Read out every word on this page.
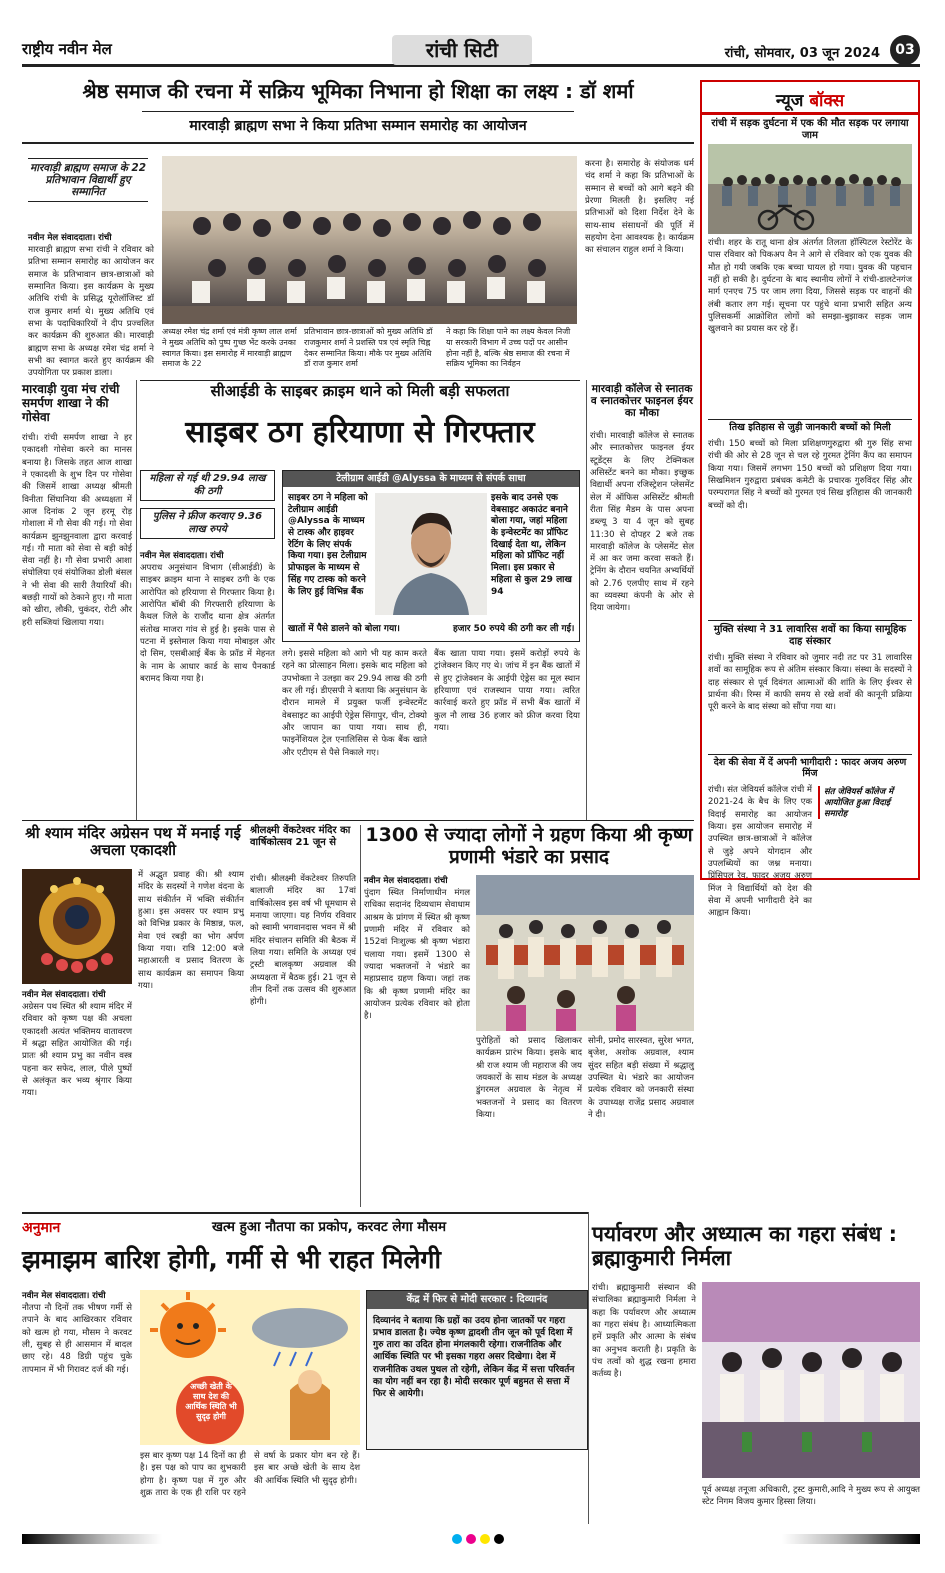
राष्ट्रीय नवीन मेल	रांची सिटी	रांची, सोमवार, 03 जून 2024	03
श्रेष्ठ समाज की रचना में सक्रिय भूमिका निभाना हो शिक्षा का लक्ष्य : डॉ शर्मा
मारवाड़ी ब्राह्मण सभा ने किया प्रतिभा सम्मान समारोह का आयोजन
मारवाड़ी ब्राह्मण समाज के 22 प्रतिभावान विद्यार्थी हुए सम्मानित
नवीन मेल संवाददाता। रांची
मारवाड़ी ब्राह्मण सभा रांची ने रविवार को प्रतिभा सम्मान समारोह का आयोजन कर समाज के प्रतिभावान छात्र-छात्राओं को सम्मानित किया। इस कार्यक्रम के मुख्य अतिथि रांची के प्रसिद्ध यूरोलॉजिस्ट डॉ राज कुमार शर्मा थे। मुख्य अतिथि एवं सभा के पदाधिकारियों ने दीप प्रज्वलित कर कार्यक्रम की शुरुआत की। मारवाड़ी ब्राह्मण सभा के अध्यक्ष रमेश चंद्र शर्मा ने सभी का स्वागत करते हुए कार्यक्रम की उपयोगिता पर प्रकाश डाला।
अध्यक्ष रमेश चंद्र शर्मा एवं मंत्री कृष्ण लाल शर्मा ने मुख्य अतिथि को पुष्प गुच्छ भेंट करके उनका स्वागत किया। इस समारोह में मारवाड़ी ब्राह्मण समाज के 22
प्रतिभावान छात्र-छात्राओं को मुख्य अतिथि डॉ राजकुमार शर्मा ने प्रशस्ति पत्र एवं स्मृति चिह्न देकर सम्मानित किया। मौके पर मुख्य अतिथि डॉ राज कुमार शर्मा
ने कहा कि शिक्षा पाने का लक्ष्य केवल निजी या सरकारी विभाग में उच्च पदों पर आसीन होना नहीं है, बल्कि श्रेष्ठ समाज की रचना में सक्रिय भूमिका का निर्वहन
करना है। समारोह के संयोजक धर्म चंद शर्मा ने कहा कि प्रतिभाओं के सम्मान से बच्चों को आगे बढ़ने की प्रेरणा मिलती है। इसलिए नई प्रतिभाओं को दिशा निर्देश देने के साथ-साथ संसाधनों की पूर्ति में सहयोग देना आवश्यक है। कार्यक्रम का संचालन राहुल शर्मा ने किया।
मारवाड़ी युवा मंच रांची समर्पण शाखा ने की गोसेवा
रांची। रांची समर्पण शाखा ने हर एकादशी गोसेवा करने का मानस बनाया है। जिसके तहत आज शाखा ने एकादशी के शुभ दिन पर गोसेवा की जिसमें शाखा अध्यक्ष श्रीमती विनीता सिंघानिया की अध्यक्षता में आज दिनांक 2 जून हरमू रोड़ गोशाला में गौ सेवा की गई। गो सेवा कार्यक्रम झुनझुनवाला द्वारा करवाई गई। गौ माता को सेवा से बड़ी कोई सेवा नहीं है। गौ सेवा प्रभारी आशा संघोलिया एवं संयोजिका डोली बंसल ने भी सेवा की सारी तैयारियाँ की। बछड़ी गायों को ठेकाने हुए। गौ माता को खीरा, लौकी, चुकंदर, रोटी और हरी सब्जियां खिलाया गया।
सीआईडी के साइबर क्राइम थाने को मिली बड़ी सफलता
साइबर ठग हरियाणा से गिरफ्तार
महिला से गई थी 29.94 लाख की ठगी
पुलिस ने फ्रीज करवाए 9.36 लाख रुपये
नवीन मेल संवाददाता। रांची
अपराध अनुसंधान विभाग (सीआईडी) के साइबर क्राइम थाना ने साइबर ठगी के एक आरोपित को हरियाणा से गिरफ्तार किया है। आरोपित बॉबी की गिरफ्तारी हरियाणा के कैथल जिले के राजौंद थाना क्षेत्र अंतर्गत संतोख माजरा गांव से हुई है। इसके पास से पटना में इस्तेमाल किया गया मोबाइल और दो सिम, एसबीआई बैंक के फ्रॉड में मेहनत के नाम के आधार कार्ड के साथ पैनकार्ड बरामद किया गया है।
टेलीग्राम आईडी @Alyssa के माध्यम से संपर्क साधा
साइबर ठग ने महिला को टेलीग्राम आईडी @Alyssa के माध्यम से टास्क और हाइवर रेटिंग के लिए संपर्क किया गया। इस टेलीग्राम प्रोफाइल के माध्यम से सिंह गए टास्क को करने के लिए हुई विभिन्न बैंक
इसके बाद उनसे एक वेबसाइट अकाउंट बनाने बोला गया, जहां महिला के इन्वेस्टमेंट का प्रॉफिट दिखाई देता था, लेकिन महिला को प्रॉफिट नहीं मिला। इस प्रकार से महिला से कुल 29 लाख 94
खातों में पैसे डालने को बोला गया।	हजार 50 रुपये की ठगी कर ली गई।
लगे। इससे महिला को आगे भी यह काम करते रहने का प्रोत्साहन मिला। इसके बाद महिला को उपभोक्ता ने उलझा कर 29.94 लाख की ठगी कर ली गई। डीएसपी ने बताया कि अनुसंधान के दौरान मामले में प्रयुक्त फर्जी इन्वेस्टमेंट वेबसाइट का आईपी ऐड्रेस सिंगापुर, चीन, टोक्यो और जापान का पाया गया। साथ ही, फाइनेंशियल ट्रेल एनालिसिस से फेक बैंक खाते और एटीएम से पैसे निकाले गए।
बैंक खाता पाया गया। इसमें करोड़ों रुपये के ट्रांजेक्शन किए गए थे। जांच में इन बैंक खातों में से हुए ट्रांजेक्शन के आईपी ऐड्रेस का मूल स्थान हरियाणा एवं राजस्थान पाया गया। त्वरित कार्रवाई करते हुए फ्रॉड में सभी बैंक खातों में कुल नौ लाख 36 हजार को फ्रीज करवा दिया गया।
मारवाड़ी कॉलेज से स्नातक व स्नातकोत्तर फाइनल ईयर का मौका
रांची। मारवाड़ी कॉलेज से स्नातक और स्नातकोत्तर फाइनल ईयर स्टूडेंट्स के लिए टेक्निकल असिस्टेंट बनने का मौका। इच्छुक विद्यार्थी अपना रजिस्ट्रेशन प्लेसमेंट सेल में ऑफिस असिस्टेंट श्रीमती रीता सिंह मैडम के पास अपना डब्ल्यू 3 या 4 जून को सुबह 11:30 से दोपहर 2 बजे तक मारवाड़ी कॉलेज के प्लेसमेंट सेल में आ कर जमा करवा सकते हैं। ट्रेनिंग के दौरान चयनित अभ्यर्थियों को 2.76 एलपीए साथ में रहने का व्यवस्था कंपनी के ओर से दिया जायेगा।
न्यूज बॉक्स
रांची में सड़क दुर्घटना में एक की मौत सड़क पर लगाया जाम
रांची। शहर के रातू थाना क्षेत्र अंतर्गत तिलता हॉस्पिटल रेस्टोरेंट के पास रविवार को पिकअप वैन ने आगे से रविवार को एक युवक की मौत हो गयी जबकि एक बच्चा घायल हो गया। युवक की पहचान नहीं हो सकी है। दुर्घटना के बाद स्थानीय लोगों ने रांची-डालटेनगंज मार्ग एनएच 75 पर जाम लगा दिया, जिससे सड़क पर वाहनों की लंबी कतार लग गई। सूचना पर पहुंचे थाना प्रभारी सहित अन्य पुलिसकर्मी आक्रोशित लोगों को समझा-बुझाकर सड़क जाम खुलवाने का प्रयास कर रहे हैं।
तिख इतिहास से जुड़ी जानकारी बच्चों को मिली
रांची। 150 बच्चों को मिला प्रशिक्षणगुरुद्वारा श्री गुरु सिंह सभा रांची की ओर से 28 जून से चल रहे गुरमत ट्रेनिंग कैंप का समापन किया गया। जिसमें लगभग 150 बच्चों को प्रशिक्षण दिया गया। सिखमिशन गुरुद्वारा प्रबंधक कमेटी के प्रचारक गुरुविंदर सिंह और परम्परागत सिंह ने बच्चों को गुरमत एवं सिख इतिहास की जानकारी बच्चों को दी।
मुक्ति संस्था ने 31 लावारिस शवों का किया सामूहिक दाह संस्कार
रांची। मुक्ति संस्था ने रविवार को जुमार नदी तट पर 31 लावारिस शवों का सामूहिक रूप से अंतिम संस्कार किया। संस्था के सदस्यों ने दाह संस्कार से पूर्व दिवंगत आत्माओं की शांति के लिए ईश्वर से प्रार्थना की। रिम्स में काफी समय से रखे शवों की कानूनी प्रक्रिया पूरी करने के बाद संस्था को सौंपा गया था।
देश की सेवा में दें अपनी भागीदारी : फादर अजय अरुण मिंज
रांची। संत जेवियर्स कॉलेज रांची में 2021-24 के बैच के लिए एक विदाई समारोह का आयोजन किया। इस आयोजन समारोह में उपस्थित छात्र-छात्राओं ने कॉलेज से जुड़े अपने योगदान और उपलब्धियों का जश्न मनाया। प्रिंसिपल रेव. फादर अजय अरुण मिंज ने विद्यार्थियों को देश की सेवा में अपनी भागीदारी देने का आह्वान किया।
संत जेवियर्स कॉलेज में आयोजित हुआ विदाई समारोह
श्री श्याम मंदिर अग्रेसन पथ में मनाई गई अचला एकादशी
नवीन मेल संवाददाता। रांची
अग्रेसन पथ स्थित श्री श्याम मंदिर में रविवार को कृष्ण पक्ष की अचला एकादशी अत्यंत भक्तिमय वातावरण में श्रद्धा सहित आयोजित की गई। प्रातः श्री श्याम प्रभु का नवीन वस्त्र पहना कर सफेद, लाल, पीले पुष्पों से अलंकृत कर भव्य श्रृंगार किया गया।
में अद्भुत प्रवाह की। श्री श्याम मंदिर के सदस्यों ने गणेश वंदना के साथ संकीर्तन में भक्ति संकीर्तन हुआ। इस अवसर पर श्याम प्रभु को विभिन्न प्रकार के मिष्ठान्न, फल, मेवा एवं रबड़ी का भोग अर्पण किया गया। रात्रि 12:00 बजे महाआरती व प्रसाद वितरण के साथ कार्यक्रम का समापन किया गया।
श्रीलक्ष्मी वेंकटेश्वर मंदिर का वार्षिकोत्सव 21 जून से
रांची। श्रीलक्ष्मी वेंकटेश्वर तिरुपति बालाजी मंदिर का 17वां वार्षिकोत्सव इस वर्ष भी धूमधाम से मनाया जाएगा। यह निर्णय रविवार को स्वामी भगवानदास भवन में श्री मंदिर संचालन समिति की बैठक में लिया गया। समिति के अध्यक्ष एवं ट्रस्टी बालकृष्ण अग्रवाल की अध्यक्षता में बैठक हुई। 21 जून से तीन दिनों तक उत्सव की शुरुआत होगी।
1300 से ज्यादा लोगों ने ग्रहण किया श्री कृष्ण प्रणामी भंडारे का प्रसाद
नवीन मेल संवाददाता। रांची
पुंदाग स्थित निर्माणाधीन मंगल राधिका सदानंद दिव्यधाम सेवाधाम आश्रम के प्रांगण में स्थित श्री कृष्ण प्रणामी मंदिर में रविवार को 152वां निःशुल्क श्री कृष्ण भंडारा चलाया गया। इसमें 1300 से ज्यादा भक्तजनों ने भंडारे का महाप्रसाद ग्रहण किया। जहां तक कि श्री कृष्ण प्रणामी मंदिर का आयोजन प्रत्येक रविवार को होता है।
पुरोहितों को प्रसाद खिलाकर कार्यक्रम प्रारंभ किया। इसके बाद श्री राज श्याम जी महाराज की जय जयकारों के साथ मंडल के अध्यक्ष डुंगरमल अग्रवाल के नेतृत्व में भक्तजनों ने प्रसाद का वितरण किया।
सोनी, प्रमोद सारस्वत, सुरेश भगत, बृजेश, अशोक अग्रवाल, श्याम सुंदर सहित बड़ी संख्या में श्रद्धालु उपस्थित थे। भंडारे का आयोजन प्रत्येक रविवार को जनकारी संस्था के उपाध्यक्ष राजेंद्र प्रसाद अग्रवाल ने दी।
अनुमान	खत्म हुआ नौतपा का प्रकोप, करवट लेगा मौसम
झमाझम बारिश होगी, गर्मी से भी राहत मिलेगी
नवीन मेल संवाददाता। रांची
नौतपा नौ दिनों तक भीषण गर्मी से तपाने के बाद आखिरकार रविवार को खत्म हो गया, मौसम ने करवट ली, सुबह से ही आसमान में बादल छाए रहे। 48 डिग्री पहुंच चुके तापमान में भी गिरावट दर्ज की गई।
अच्छी खेती के साथ देश की आर्थिक स्थिति भी सुदृढ़ होगी
इस बार कृष्ण पक्ष 14 दिनों का ही है। इस पक्ष को पाप का शुभकारी होगा है। कृष्ण पक्ष में गुरु और शुक्र तारा के एक ही राशि पर रहने से वर्षा के प्रकार योग बन रहे हैं। इस बार अच्छे खेती के साथ देश की आर्थिक स्थिति भी सुदृढ़ होगी।
केंद्र में फिर से मोदी सरकार : दिव्यानंद
दिव्यानंद ने बताया कि ग्रहों का उदय होना जातकों पर गहरा प्रभाव डालता है। ज्येष्ठ कृष्ण द्वादशी तीन जून को पूर्व दिशा में गुरु तारा का उदित होना मंगलकारी रहेगा। राजनीतिक और आर्थिक स्थिति पर भी इसका गहरा असर दिखेगा। देश में राजनीतिक उथल पुथल तो रहेगी, लेकिन केंद्र में सत्ता परिवर्तन का योग नहीं बन रहा है। मोदी सरकार पूर्ण बहुमत से सत्ता में फिर से आयेगी।
पर्यावरण और अध्यात्म का गहरा संबंध : ब्रह्माकुमारी निर्मला
रांची। ब्रह्माकुमारी संस्थान की संचालिका ब्रह्माकुमारी निर्मला ने कहा कि पर्यावरण और अध्यात्म का गहरा संबंध है। आध्यात्मिकता हमें प्रकृति और आत्मा के संबंध का अनुभव कराती है। प्रकृति के पंच तत्वों को शुद्ध रखना हमारा कर्तव्य है।
पूर्व अध्यक्ष तनूजा अधिकारी, ट्रस्ट कुमारी,आदि ने मुख्य रूप से आयुक्त स्टेट निगम विजय कुमार हिस्सा लिया।
